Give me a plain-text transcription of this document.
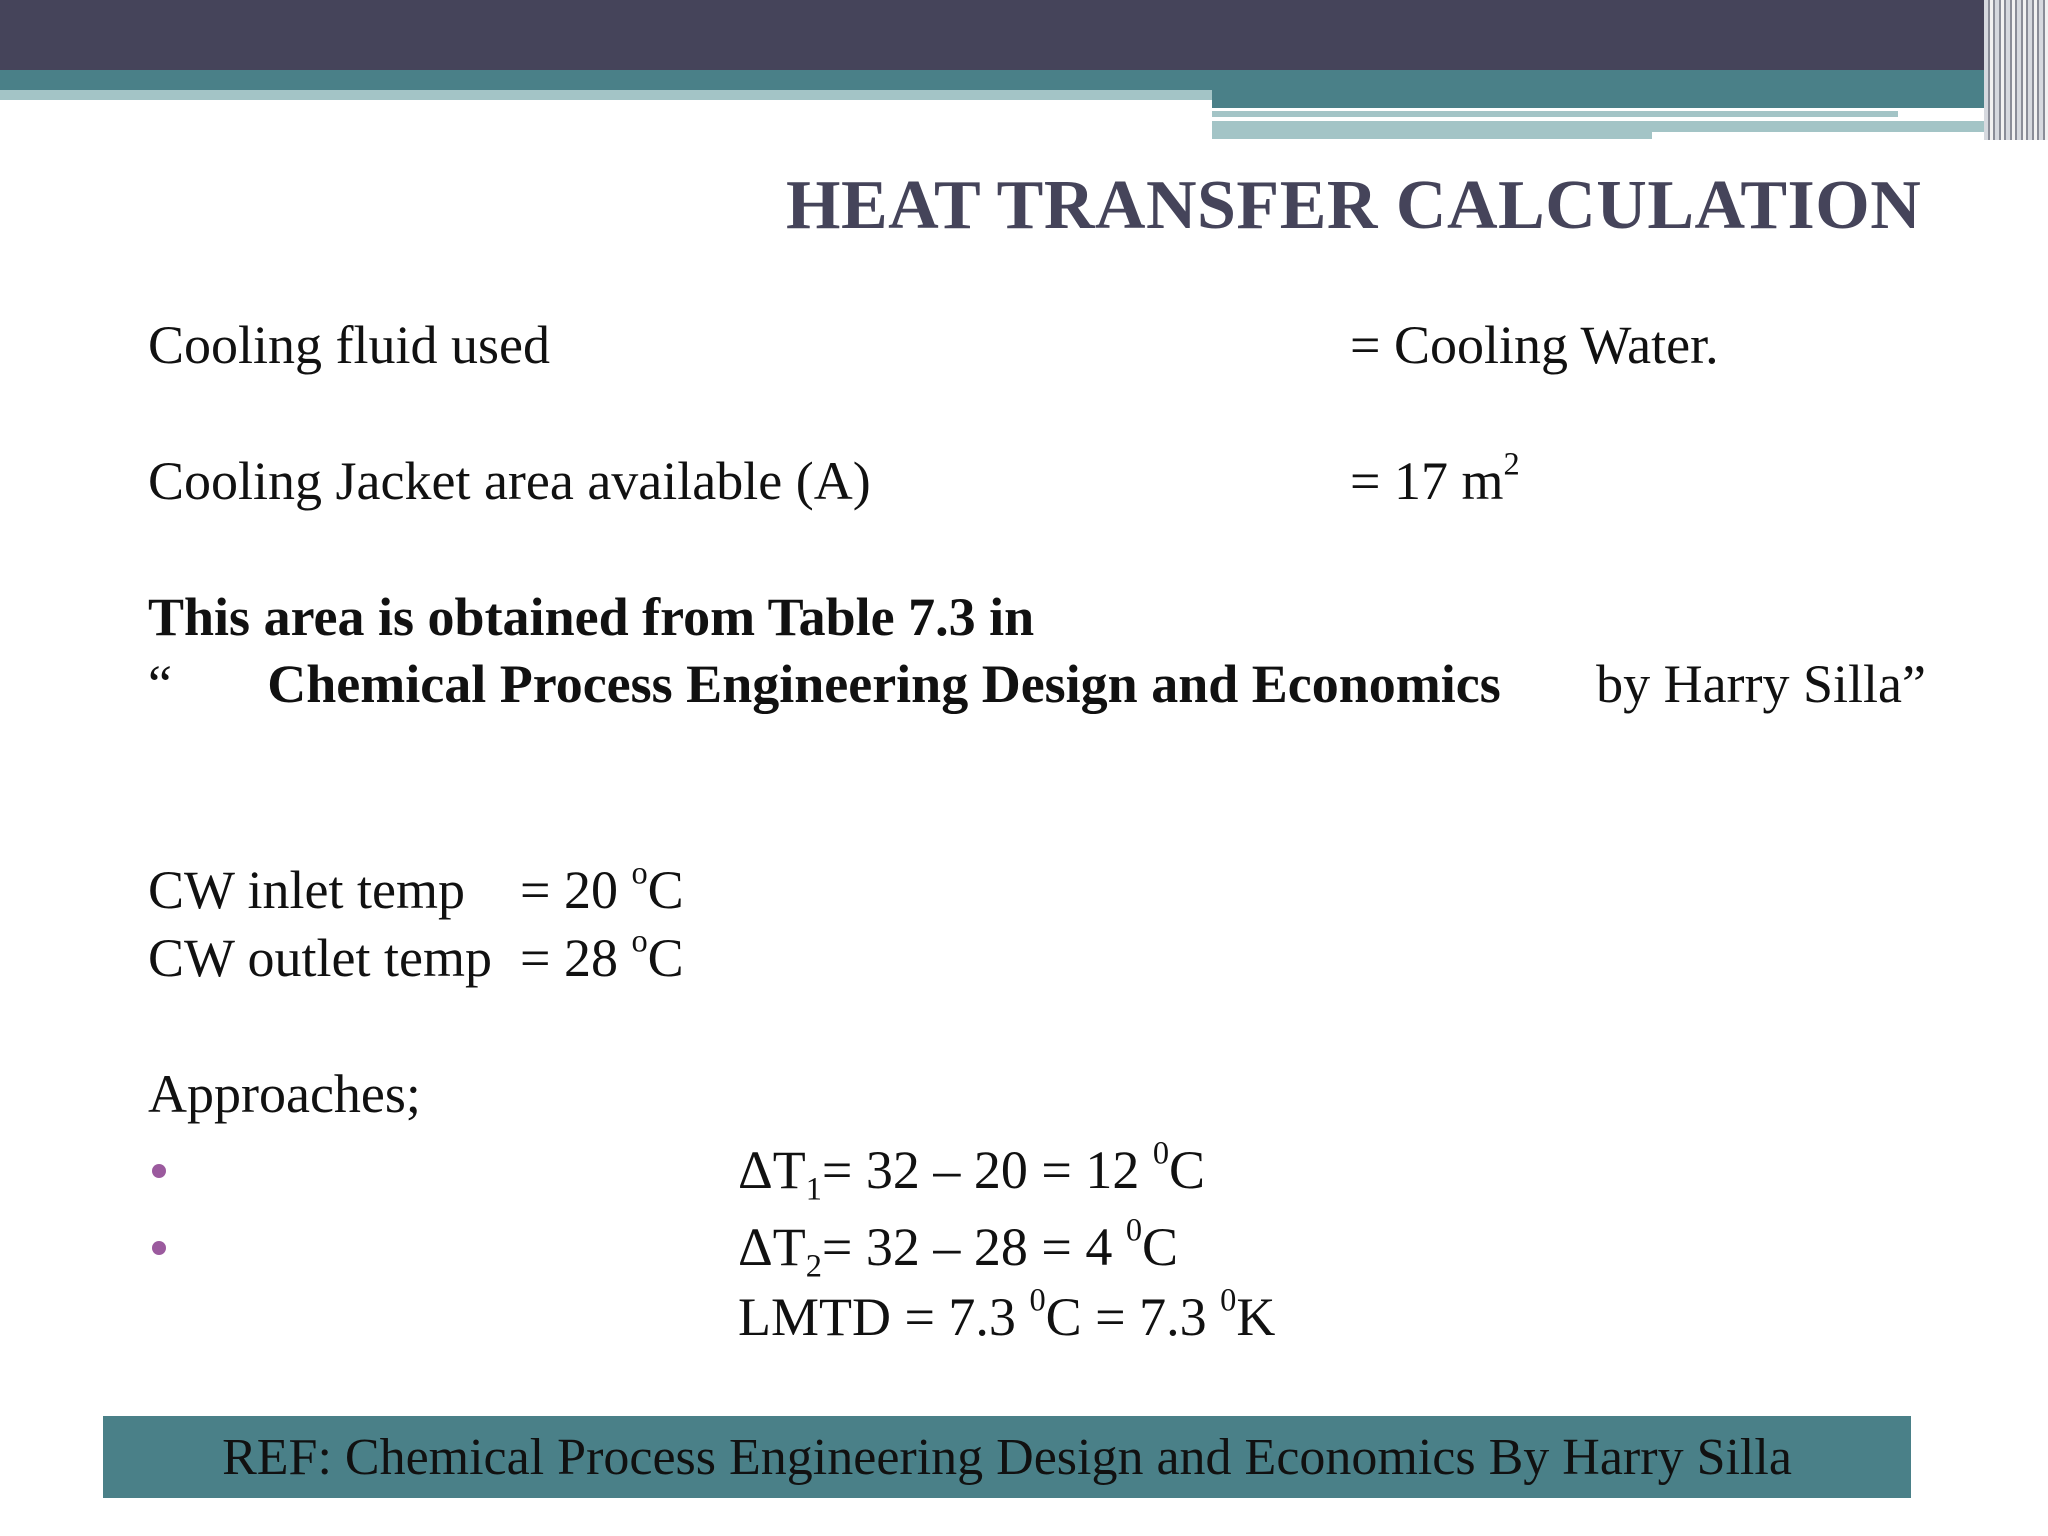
HEAT TRANSFER CALCULATION
Cooling fluid used	= Cooling Water.
Cooling Jacket area available (A)	= 17 $m^2$
This area is obtained from Table 7.3 in
“ Chemical Process Engineering Design and Economics by Harry Silla”
CW inlet temp = 20 $^o$C
CW outlet temp = 28 $^o$C
Approaches;
$\Delta T_1= 32 - 20 = 12$ $^0$C
$\Delta T_2= 32 - 28 = 4$ $^0$C
LMTD = 7.3 $^0$C = 7.3 $^0$K
REF: Chemical Process Engineering Design and Economics By Harry Silla
